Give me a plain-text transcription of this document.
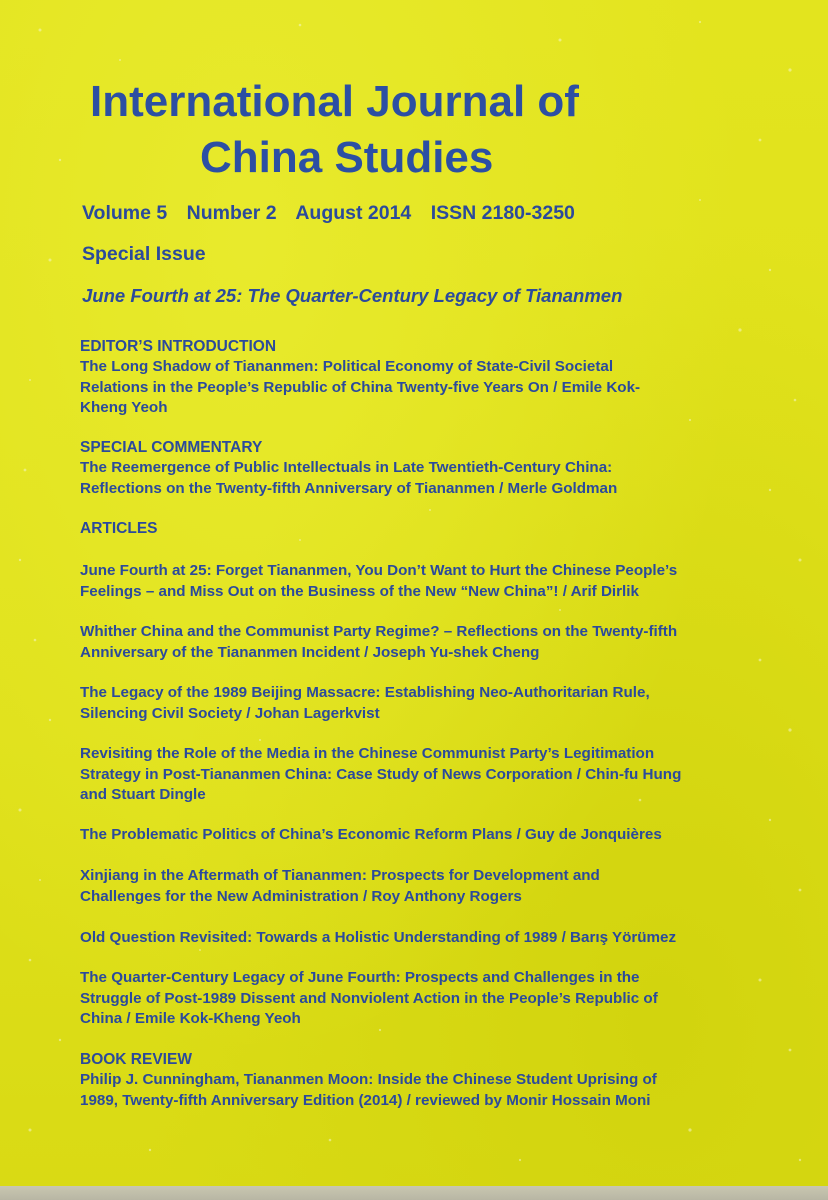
International Journal of
China Studies
Volume 5 Number 2 August 2014 ISSN 2180-3250
Special Issue
June Fourth at 25: The Quarter-Century Legacy of Tiananmen
EDITOR’S INTRODUCTION
The Long Shadow of Tiananmen: Political Economy of State-Civil Societal
Relations in the People’s Republic of China Twenty-five Years On / Emile Kok-
Kheng Yeoh
SPECIAL COMMENTARY
The Reemergence of Public Intellectuals in Late Twentieth-Century China:
Reflections on the Twenty-fifth Anniversary of Tiananmen / Merle Goldman
ARTICLES
June Fourth at 25: Forget Tiananmen, You Don’t Want to Hurt the Chinese People’s
Feelings – and Miss Out on the Business of the New “New China”! / Arif Dirlik
Whither China and the Communist Party Regime? – Reflections on the Twenty-fifth
Anniversary of the Tiananmen Incident / Joseph Yu-shek Cheng
The Legacy of the 1989 Beijing Massacre: Establishing Neo-Authoritarian Rule,
Silencing Civil Society / Johan Lagerkvist
Revisiting the Role of the Media in the Chinese Communist Party’s Legitimation
Strategy in Post-Tiananmen China: Case Study of News Corporation / Chin-fu Hung
and Stuart Dingle
The Problematic Politics of China’s Economic Reform Plans / Guy de Jonquières
Xinjiang in the Aftermath of Tiananmen: Prospects for Development and
Challenges for the New Administration / Roy Anthony Rogers
Old Question Revisited: Towards a Holistic Understanding of 1989 / Barış Yörümez
The Quarter-Century Legacy of June Fourth: Prospects and Challenges in the
Struggle of Post-1989 Dissent and Nonviolent Action in the People’s Republic of
China / Emile Kok-Kheng Yeoh
BOOK REVIEW
Philip J. Cunningham, Tiananmen Moon: Inside the Chinese Student Uprising of
1989, Twenty-fifth Anniversary Edition (2014) / reviewed by Monir Hossain Moni
